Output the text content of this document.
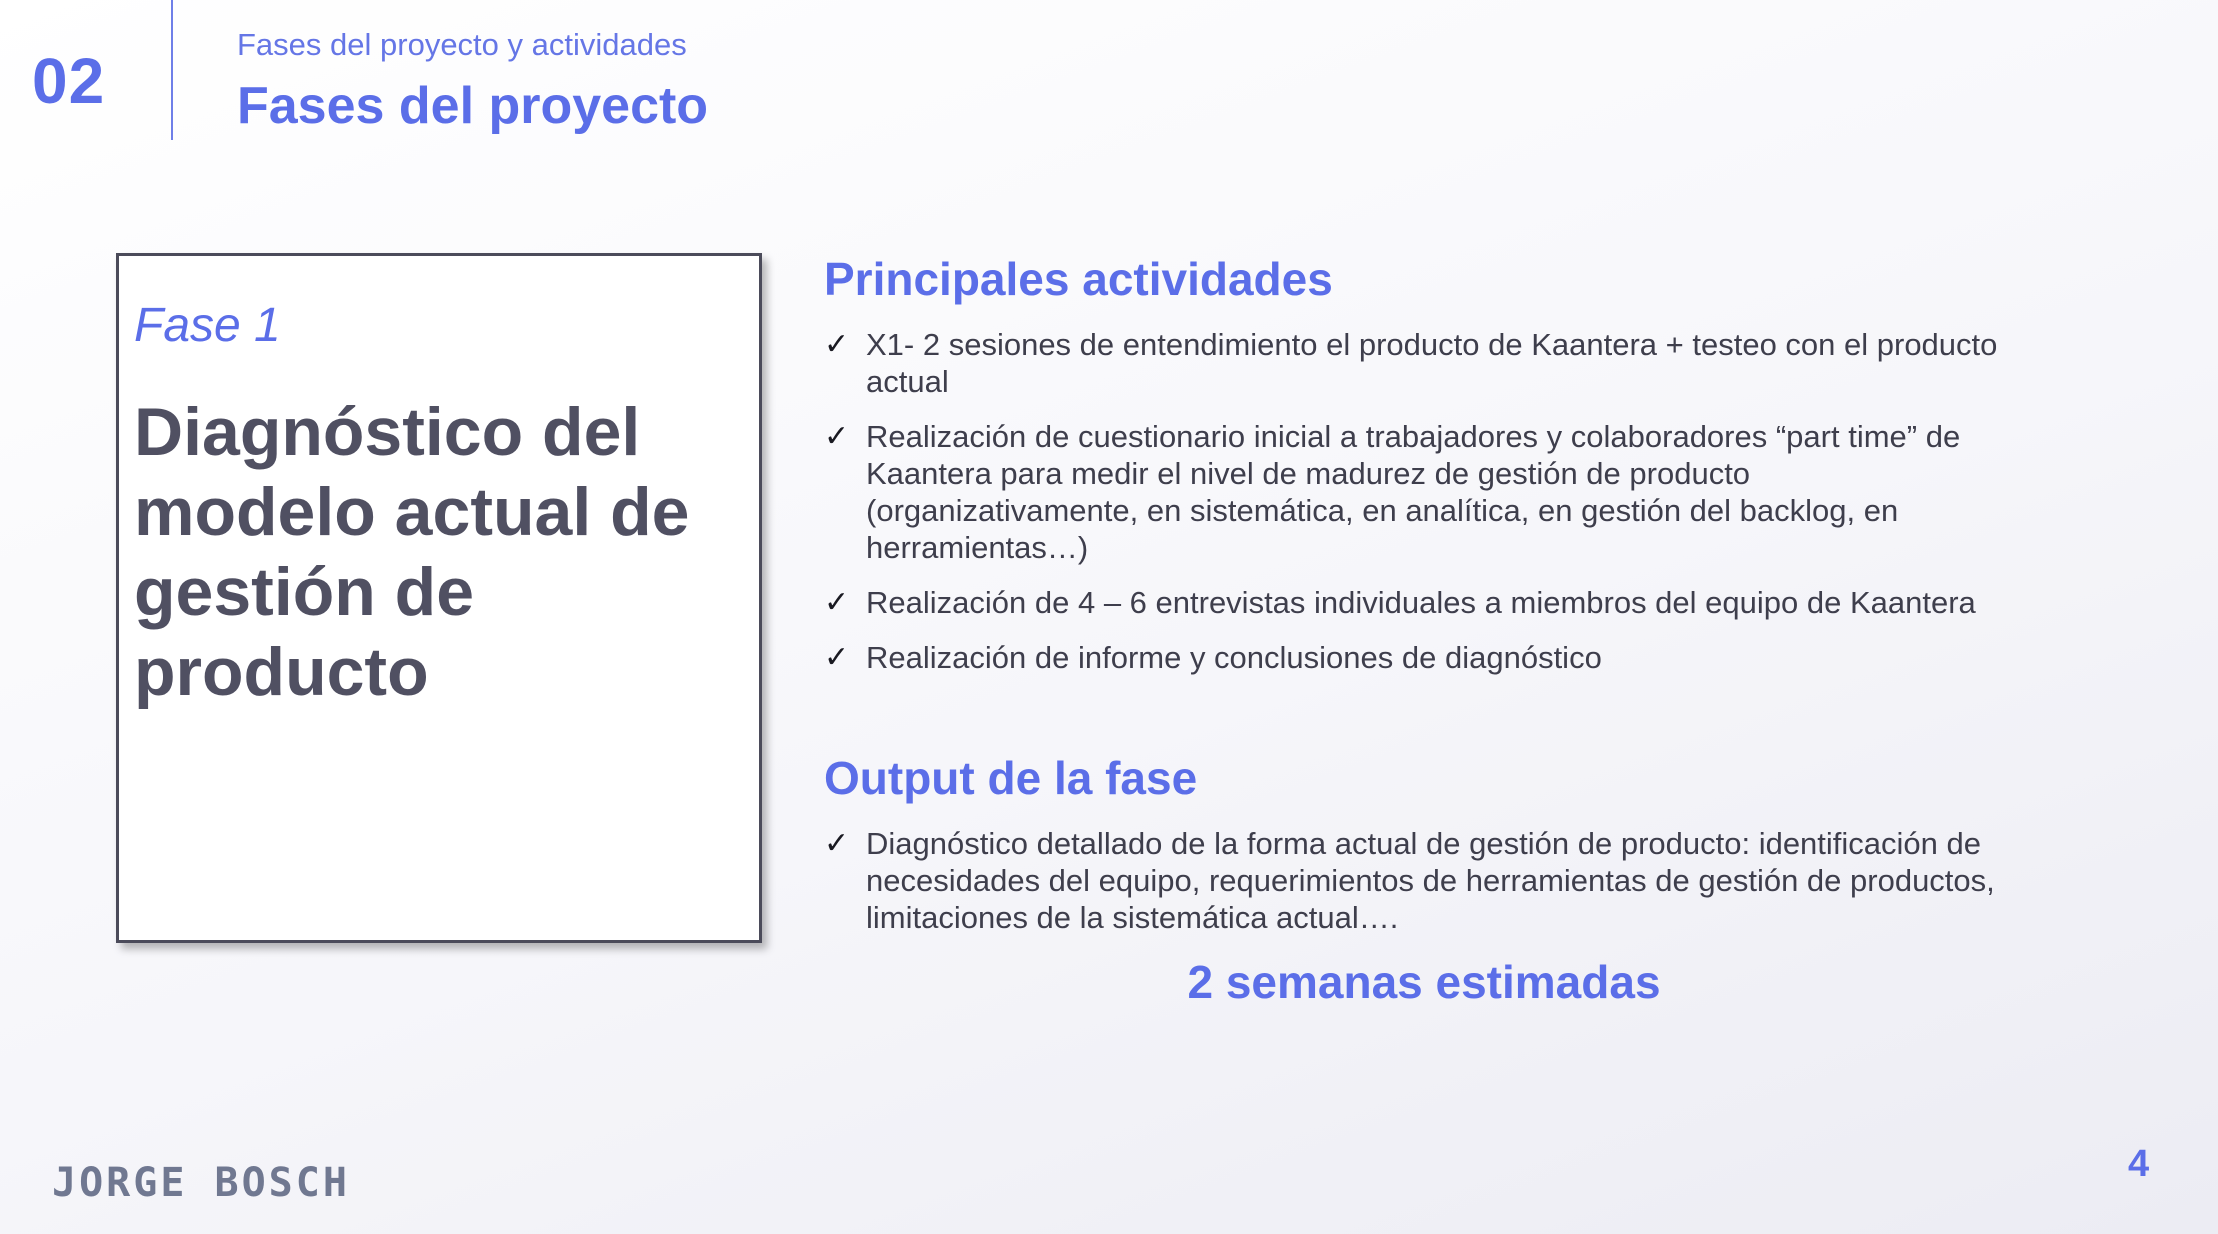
02
Fases del proyecto y actividades
Fases del proyecto
Fase 1
Diagnóstico del modelo actual de gestión de producto
Principales actividades
✓ X1- 2 sesiones de entendimiento el producto de Kaantera + testeo con el producto actual
✓ Realización de cuestionario inicial a trabajadores y colaboradores “part time” de Kaantera para medir el nivel de madurez de gestión de producto (organizativamente, en sistemática, en analítica, en gestión del backlog, en herramientas…)
✓ Realización de 4 – 6 entrevistas individuales a miembros del equipo de Kaantera
✓ Realización de informe y conclusiones de diagnóstico
Output de la fase
✓ Diagnóstico detallado de la forma actual de gestión de producto: identificación de necesidades del equipo, requerimientos de herramientas de gestión de productos, limitaciones de la sistemática actual….
2 semanas estimadas
JORGE BOSCH	4
